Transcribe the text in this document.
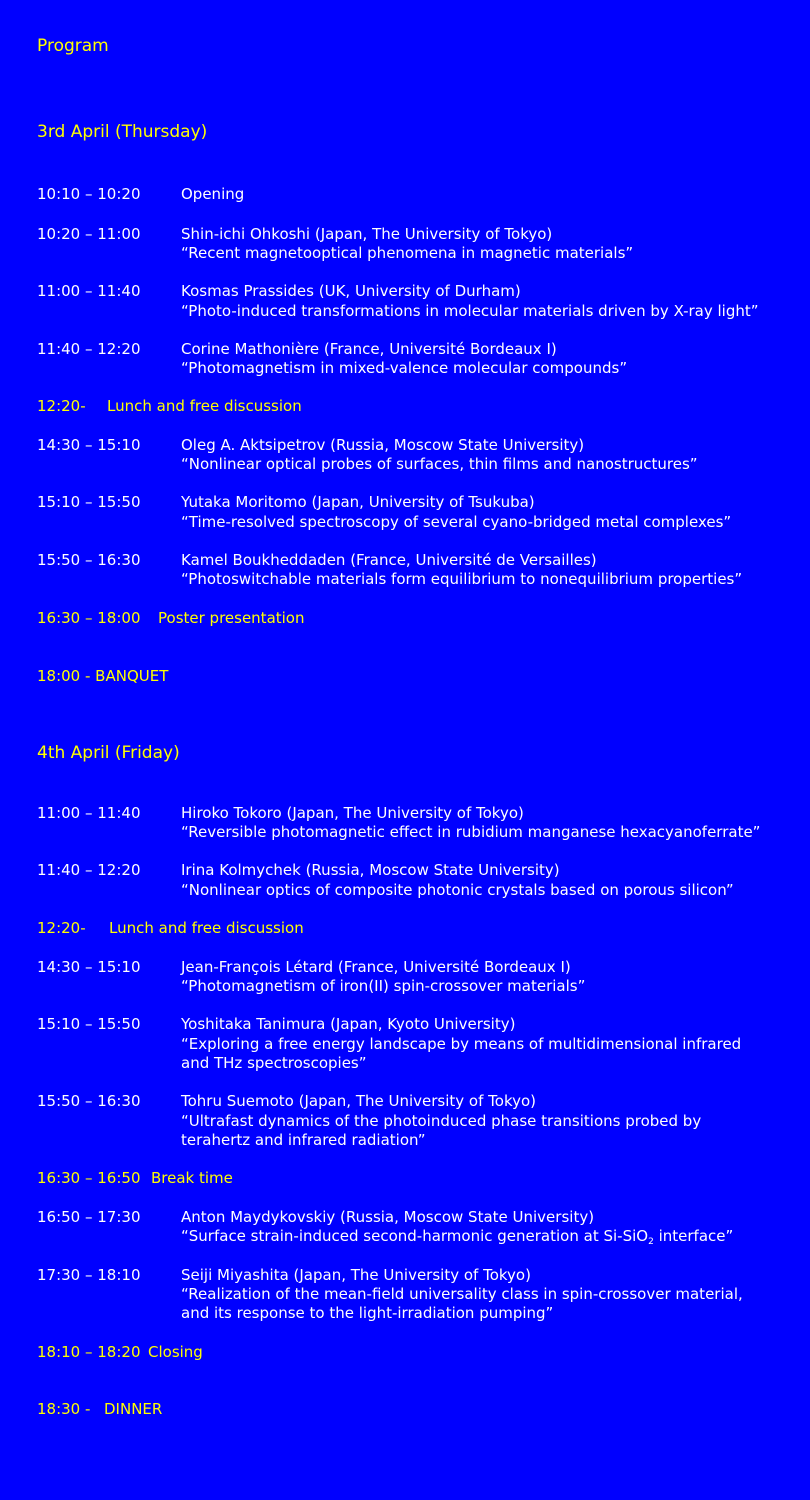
Program
3rd April (Thursday)
10:10 – 10:20	Opening
10:20 – 11:00	Shin-ichi Ohkoshi (Japan, The University of Tokyo)
“Recent magnetooptical phenomena in magnetic materials”
11:00 – 11:40	Kosmas Prassides (UK, University of Durham)
“Photo-induced transformations in molecular materials driven by X-ray light”
11:40 – 12:20	Corine Mathonière (France, Université Bordeaux I)
“Photomagnetism in mixed-valence molecular compounds”
12:20- Lunch and free discussion
14:30 – 15:10	Oleg A. Aktsipetrov (Russia, Moscow State University)
“Nonlinear optical probes of surfaces, thin films and nanostructures”
15:10 – 15:50	Yutaka Moritomo (Japan, University of Tsukuba)
“Time-resolved spectroscopy of several cyano-bridged metal complexes”
15:50 – 16:30	Kamel Boukheddaden (France, Université de Versailles)
“Photoswitchable materials form equilibrium to nonequilibrium properties”
16:30 – 18:00 Poster presentation
18:00 - BANQUET
4th April (Friday)
11:00 – 11:40	Hiroko Tokoro (Japan, The University of Tokyo)
“Reversible photomagnetic effect in rubidium manganese hexacyanoferrate”
11:40 – 12:20	Irina Kolmychek (Russia, Moscow State University)
“Nonlinear optics of composite photonic crystals based on porous silicon”
12:20- Lunch and free discussion
14:30 – 15:10	Jean-François Létard (France, Université Bordeaux I)
“Photomagnetism of iron(II) spin-crossover materials”
15:10 – 15:50	Yoshitaka Tanimura (Japan, Kyoto University)
“Exploring a free energy landscape by means of multidimensional infrared
and THz spectroscopies”
15:50 – 16:30	Tohru Suemoto (Japan, The University of Tokyo)
“Ultrafast dynamics of the photoinduced phase transitions probed by
terahertz and infrared radiation”
16:30 – 16:50 Break time
16:50 – 17:30	Anton Maydykovskiy (Russia, Moscow State University)
“Surface strain-induced second-harmonic generation at Si-SiO$_2$ interface”
17:30 – 18:10	Seiji Miyashita (Japan, The University of Tokyo)
“Realization of the mean-field universality class in spin-crossover material,
and its response to the light-irradiation pumping”
18:10 – 18:20 Closing
18:30 - DINNER
